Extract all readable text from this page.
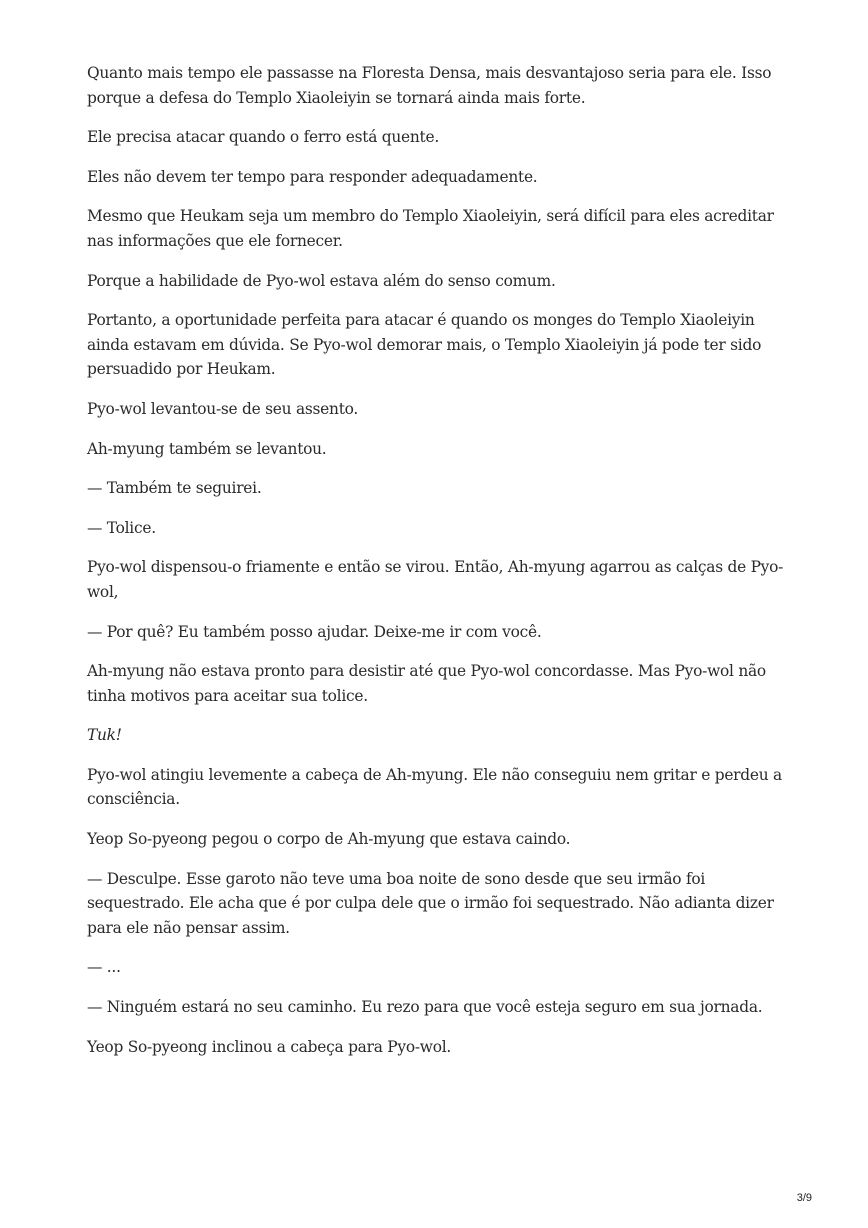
Quanto mais tempo ele passasse na Floresta Densa, mais desvantajoso seria para ele. Isso porque a defesa do Templo Xiaoleiyin se tornará ainda mais forte.

Ele precisa atacar quando o ferro está quente.

Eles não devem ter tempo para responder adequadamente.

Mesmo que Heukam seja um membro do Templo Xiaoleiyin, será difícil para eles acreditar nas informações que ele fornecer.

Porque a habilidade de Pyo-wol estava além do senso comum.

Portanto, a oportunidade perfeita para atacar é quando os monges do Templo Xiaoleiyin ainda estavam em dúvida. Se Pyo-wol demorar mais, o Templo Xiaoleiyin já pode ter sido persuadido por Heukam.

Pyo-wol levantou-se de seu assento.

Ah-myung também se levantou.

— Também te seguirei.

— Tolice.

Pyo-wol dispensou-o friamente e então se virou. Então, Ah-myung agarrou as calças de Pyo-wol,

— Por quê? Eu também posso ajudar. Deixe-me ir com você.

Ah-myung não estava pronto para desistir até que Pyo-wol concordasse. Mas Pyo-wol não tinha motivos para aceitar sua tolice.

Tuk!

Pyo-wol atingiu levemente a cabeça de Ah-myung. Ele não conseguiu nem gritar e perdeu a consciência.

Yeop So-pyeong pegou o corpo de Ah-myung que estava caindo.

— Desculpe. Esse garoto não teve uma boa noite de sono desde que seu irmão foi sequestrado. Ele acha que é por culpa dele que o irmão foi sequestrado. Não adianta dizer para ele não pensar assim.

— ...

— Ninguém estará no seu caminho. Eu rezo para que você esteja seguro em sua jornada.

Yeop So-pyeong inclinou a cabeça para Pyo-wol.

3/9
